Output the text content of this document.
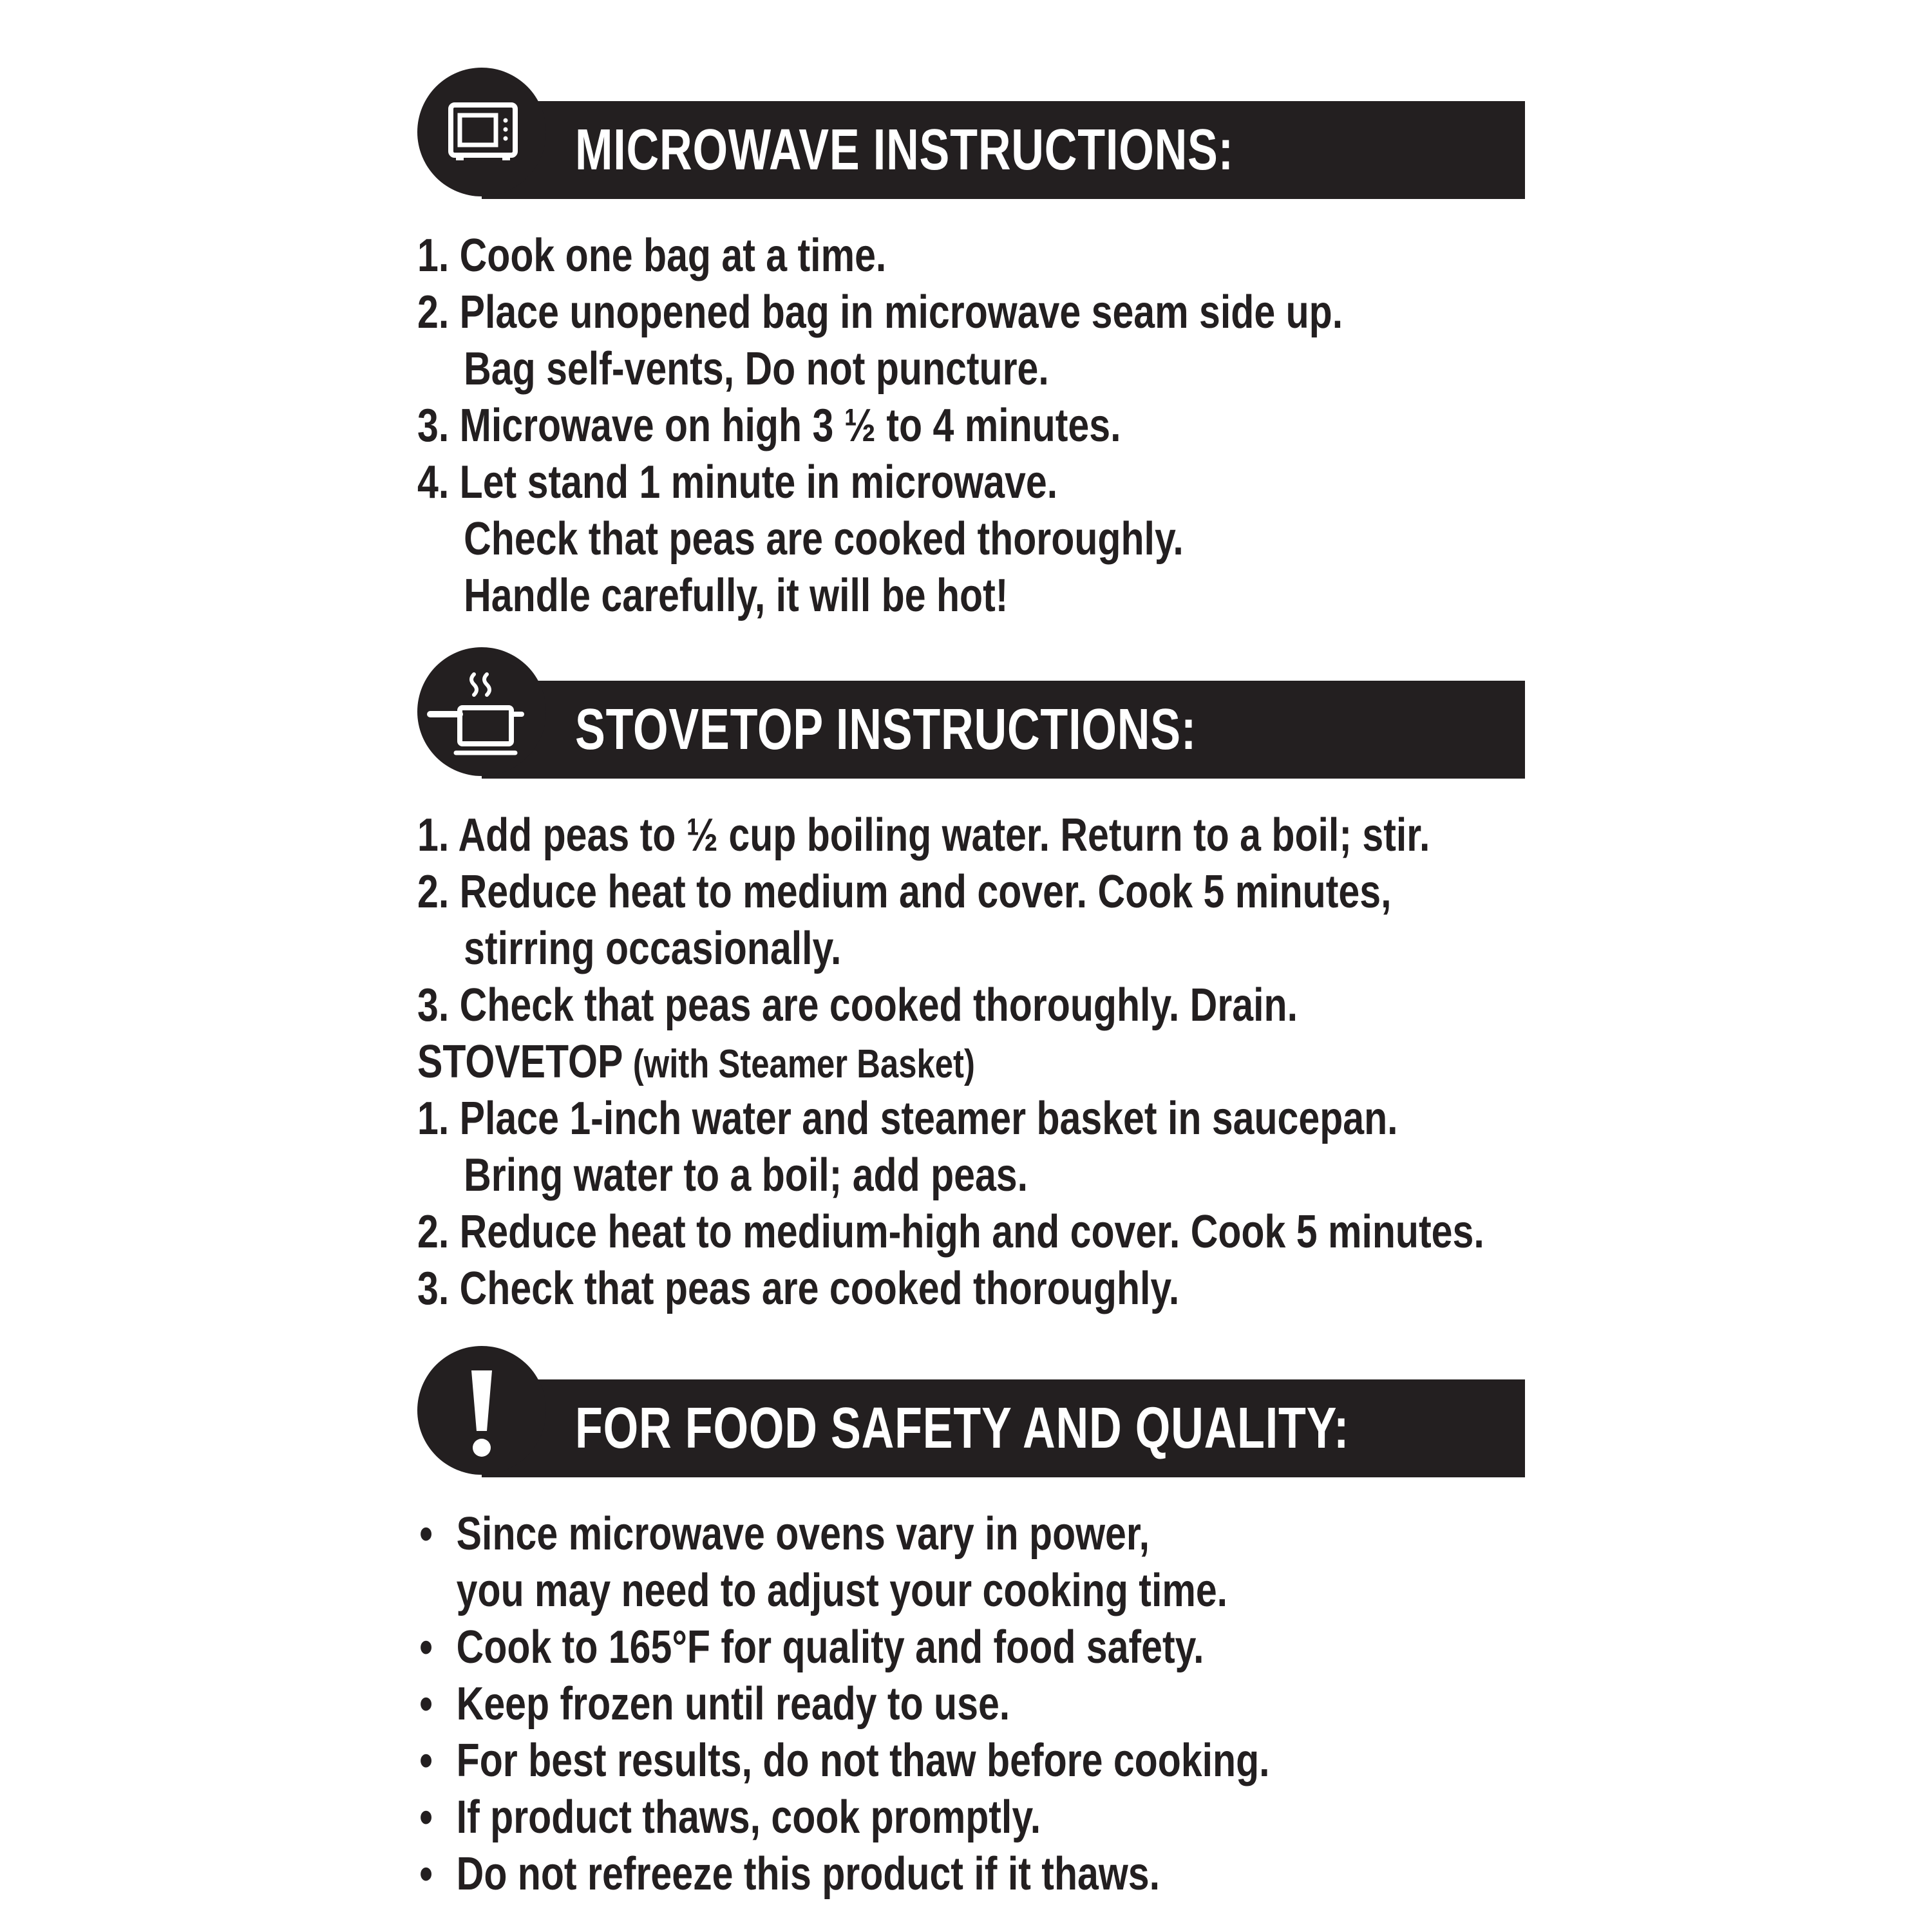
MICROWAVE INSTRUCTIONS:
1. Cook one bag at a time.
2. Place unopened bag in microwave seam side up.
Bag self-vents, Do not puncture.
3. Microwave on high 3 ½ to 4 minutes.
4. Let stand 1 minute in microwave.
Check that peas are cooked thoroughly.
Handle carefully, it will be hot!
STOVETOP INSTRUCTIONS:
1. Add peas to ½ cup boiling water. Return to a boil; stir.
2. Reduce heat to medium and cover. Cook 5 minutes,
stirring occasionally.
3. Check that peas are cooked thoroughly. Drain.
STOVETOP (with Steamer Basket)
1. Place 1-inch water and steamer basket in saucepan.
Bring water to a boil; add peas.
2. Reduce heat to medium-high and cover. Cook 5 minutes.
3. Check that peas are cooked thoroughly.
FOR FOOD SAFETY AND QUALITY:
• Since microwave ovens vary in power,
you may need to adjust your cooking time.
• Cook to 165°F for quality and food safety.
• Keep frozen until ready to use.
• For best results, do not thaw before cooking.
• If product thaws, cook promptly.
• Do not refreeze this product if it thaws.
